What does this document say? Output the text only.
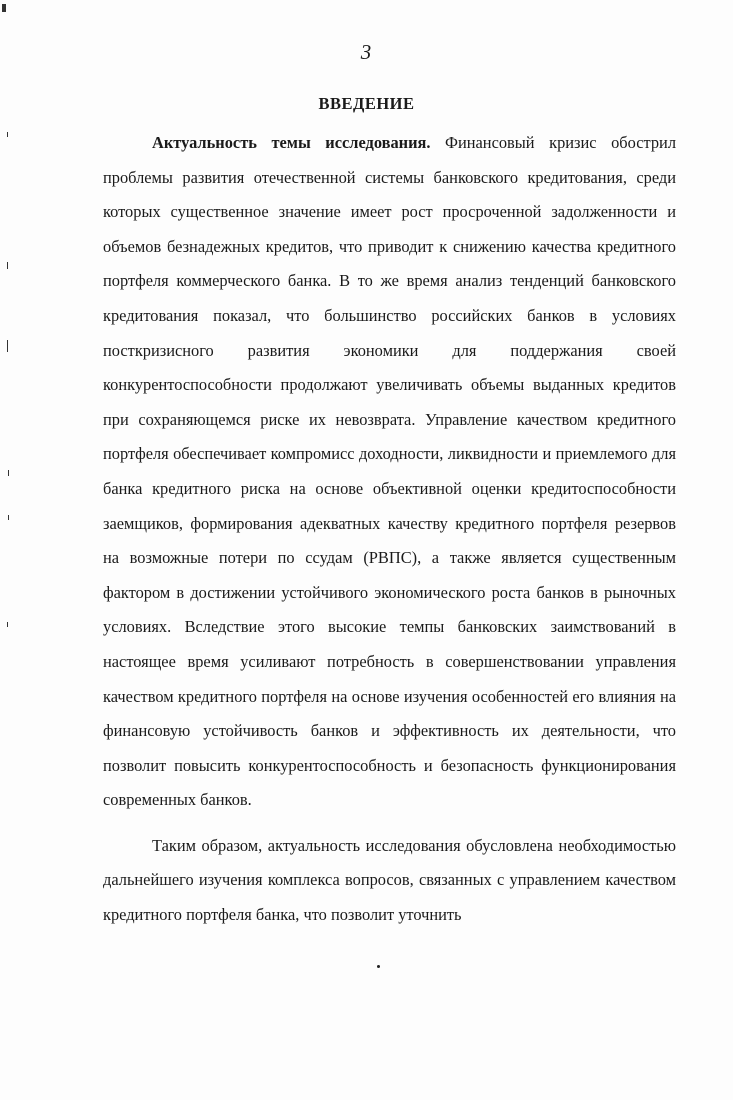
3
ВВЕДЕНИЕ

Актуальность темы исследования. Финансовый кризис обострил проблемы развития отечественной системы банковского кредитования, среди которых существенное значение имеет рост просроченной задолженности и объемов безнадежных кредитов, что приводит к снижению качества кредитного портфеля коммерческого банка. В то же время анализ тенденций банковского кредитования показал, что большинство российских банков в условиях посткризисного развития экономики для поддержания своей конкурентоспособности продолжают увеличивать объемы выданных кредитов при сохраняющемся риске их невозврата. Управление качеством кредитного портфеля обеспечивает компромисс доходности, ликвидности и приемлемого для банка кредитного риска на основе объективной оценки кредитоспособности заемщиков, формирования адекватных качеству кредитного портфеля резервов на возможные потери по ссудам (РВПС), а также является существенным фактором в достижении устойчивого экономического роста банков в рыночных условиях. Вследствие этого высокие темпы банковских заимствований в настоящее время усиливают потребность в совершенствовании управления качеством кредитного портфеля на основе изучения особенностей его влияния на финансовую устойчивость банков и эффективность их деятельности, что позволит повысить конкурентоспособность и безопасность функционирования современных банков.

Таким образом, актуальность исследования обусловлена необходимостью дальнейшего изучения комплекса вопросов, связанных с управлением качеством кредитного портфеля банка, что позволит уточнить
